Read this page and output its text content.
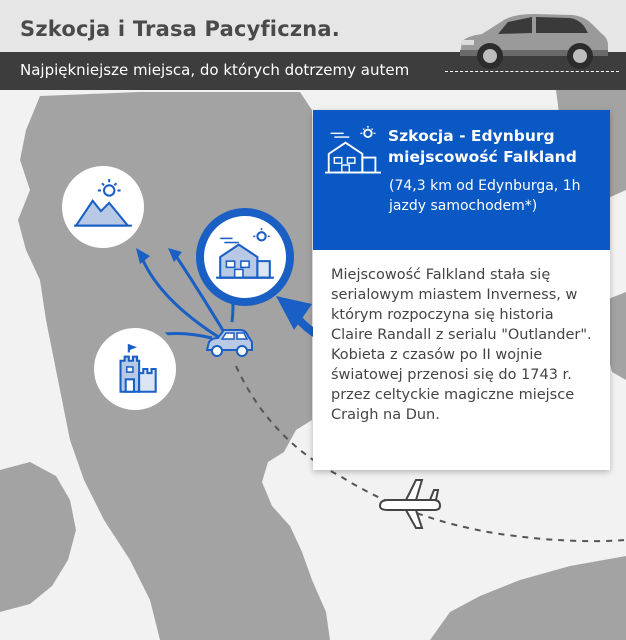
Szkocja i Trasa Pacyficzna.
Najpiękniejsze miejsca, do których dotrzemy autem
Szkocja - Edynburg miejscowość Falkland
(74,3 km od Edynburga, 1h jazdy samochodem*)

Miejscowość Falkland stała się serialowym miastem Inverness, w którym rozpoczyna się historia Claire Randall z serialu "Outlander". Kobieta z czasów po II wojnie światowej przenosi się do 1743 r. przez celtyckie magiczne miejsce Craigh na Dun.
